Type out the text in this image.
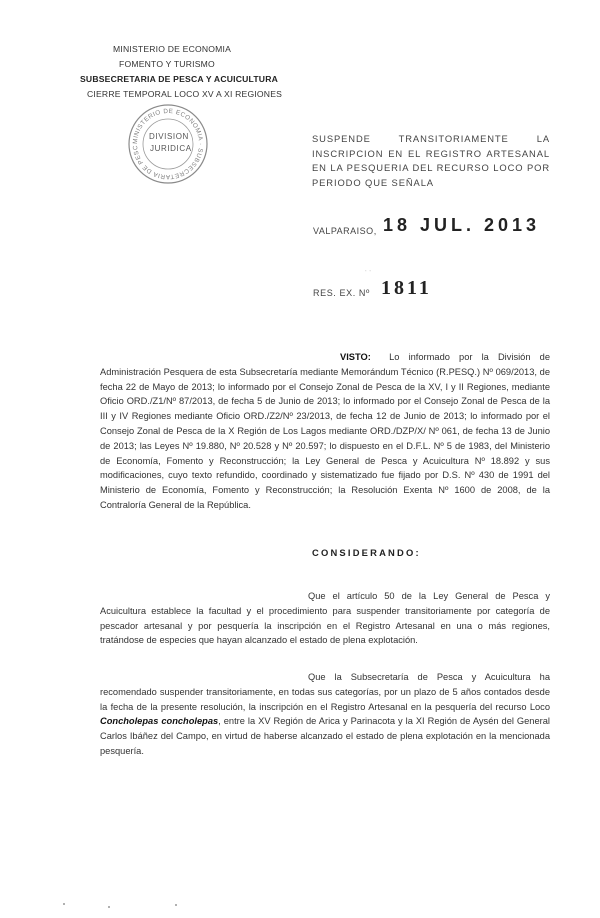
MINISTERIO DE ECONOMIA
FOMENTO Y TURISMO
SUBSECRETARIA DE PESCA Y ACUICULTURA
CIERRE TEMPORAL LOCO XV A XI REGIONES
MINISTERIO DE ECONOMIA · SUBSECRETARIA DE PESC
DIVISION
JURIDICA
SUSPENDE TRANSITORIAMENTE LA INSCRIPCION EN EL REGISTRO ARTESANAL EN LA PESQUERIA DEL RECURSO LOCO POR PERIODO QUE SEÑALA
VALPARAISO, 18 JUL. 2013
˙ ˙
RES. EX. Nº 1811
VISTO: Lo informado por la División de Administración Pesquera de esta Subsecretaría mediante Memorándum Técnico (R.PESQ.) Nº 069/2013, de fecha 22 de Mayo de 2013; lo informado por el Consejo Zonal de Pesca de la XV, I y II Regiones, mediante Oficio ORD./Z1/Nº 87/2013, de fecha 5 de Junio de 2013; lo informado por el Consejo Zonal de Pesca de la III y IV Regiones mediante Oficio ORD./Z2/Nº 23/2013, de fecha 12 de Junio de 2013; lo informado por el Consejo Zonal de Pesca de la X Región de Los Lagos mediante ORD./DZP/X/ Nº 061, de fecha 13 de Junio de 2013; las Leyes Nº 19.880, Nº 20.528 y Nº 20.597; lo dispuesto en el D.F.L. Nº 5 de 1983, del Ministerio de Economía, Fomento y Reconstrucción; la Ley General de Pesca y Acuicultura Nº 18.892 y sus modificaciones, cuyo texto refundido, coordinado y sistematizado fue fijado por D.S. Nº 430 de 1991 del Ministerio de Economía, Fomento y Reconstrucción; la Resolución Exenta Nº 1600 de 2008, de la Contraloría General de la República.
CONSIDERANDO:
Que el artículo 50 de la Ley General de Pesca y Acuicultura establece la facultad y el procedimiento para suspender transitoriamente por categoría de pescador artesanal y por pesquería la inscripción en el Registro Artesanal en una o más regiones, tratándose de especies que hayan alcanzado el estado de plena explotación.
Que la Subsecretaría de Pesca y Acuicultura ha recomendado suspender transitoriamente, en todas sus categorías, por un plazo de 5 años contados desde la fecha de la presente resolución, la inscripción en el Registro Artesanal en la pesquería del recurso Loco Concholepas concholepas, entre la XV Región de Arica y Parinacota y la XI Región de Aysén del General Carlos Ibáñez del Campo, en virtud de haberse alcanzado el estado de plena explotación en la mencionada pesquería.
